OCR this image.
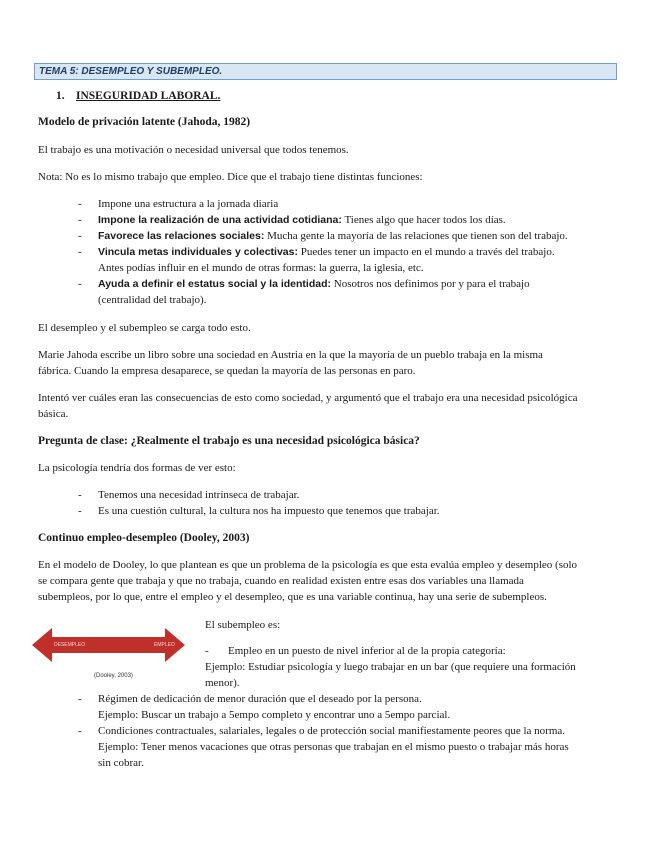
TEMA 5: DESEMPLEO Y SUBEMPLEO.
1. INSEGURIDAD LABORAL.
Modelo de privación latente (Jahoda, 1982)
El trabajo es una motivación o necesidad universal que todos tenemos.
Nota: No es lo mismo trabajo que empleo. Dice que el trabajo tiene distintas funciones:
- Impone una estructura a la jornada diaria
- Impone la realización de una actividad cotidiana: Tienes algo que hacer todos los días.
- Favorece las relaciones sociales: Mucha gente la mayoría de las relaciones que tienen son del trabajo.
- Vincula metas individuales y colectivas: Puedes tener un impacto en el mundo a través del trabajo.
Antes podías influir en el mundo de otras formas: la guerra, la iglesia, etc.
- Ayuda a definir el estatus social y la identidad: Nosotros nos definimos por y para el trabajo
(centralidad del trabajo).
El desempleo y el subempleo se carga todo esto.
Marie Jahoda escribe un libro sobre una sociedad en Austria en la que la mayoría de un pueblo trabaja en la misma
fábrica. Cuando la empresa desaparece, se quedan la mayoría de las personas en paro.
Intentó ver cuáles eran las consecuencias de esto como sociedad, y argumentó que el trabajo era una necesidad psicológica
básica.
Pregunta de clase: ¿Realmente el trabajo es una necesidad psicológica básica?
La psicología tendría dos formas de ver esto:
- Tenemos una necesidad intrínseca de trabajar.
- Es una cuestión cultural, la cultura nos ha impuesto que tenemos que trabajar.
Continuo empleo-desempleo (Dooley, 2003)
En el modelo de Dooley, lo que plantean es que un problema de la psicología es que esta evalúa empleo y desempleo (solo
se compara gente que trabaja y que no trabaja, cuando en realidad existen entre esas dos variables una llamada
subempleos, por lo que, entre el empleo y el desempleo, que es una variable continua, hay una serie de subempleos.
DESEMPLEO	EMPLEO
(Dooley, 2003)
El subempleo es:
- Empleo en un puesto de nivel inferior al de la propia categoría:
Ejemplo: Estudiar psicología y luego trabajar en un bar (que requiere una formación
menor).
- Régimen de dedicación de menor duración que el deseado por la persona.
Ejemplo: Buscar un trabajo a 5empo completo y encontrar uno a 5empo parcial.
- Condiciones contractuales, salariales, legales o de protección social manifiestamente peores que la norma.
Ejemplo: Tener menos vacaciones que otras personas que trabajan en el mismo puesto o trabajar más horas
sin cobrar.
